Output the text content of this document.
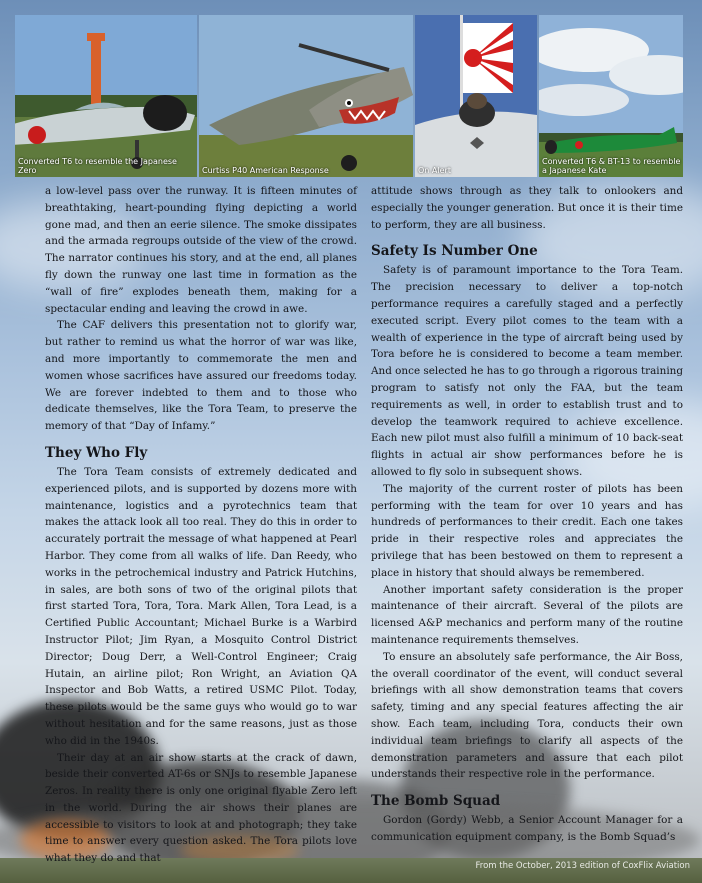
Converted T6 to resemble the Japanese Zero	Curtiss P40 American Response	On Alert
Converted T6 & BT-13 to resemble a Japanese Kate

a low-level pass over the runway. It is fifteen minutes of breathtaking, heart-pounding flying depicting a world gone mad, and then an eerie silence. The smoke dissipates and the armada regroups outside of the view of the crowd. The narrator continues his story, and at the end, all planes fly down the runway one last time in formation as the “wall of fire” explodes beneath them, making for a spectacular ending and leaving the crowd in awe.

The CAF delivers this presentation not to glorify war, but rather to remind us what the horror of war was like, and more importantly to commemorate the men and women whose sacrifices have assured our freedoms today. We are forever indebted to them and to those who dedicate themselves, like the Tora Team, to preserve the memory of that “Day of Infamy.”

They Who Fly

The Tora Team consists of extremely dedicated and experienced pilots, and is supported by dozens more with maintenance, logistics and a pyrotechnics team that makes the attack look all too real. They do this in order to accurately portrait the message of what happened at Pearl Harbor. They come from all walks of life. Dan Reedy, who works in the petrochemical industry and Patrick Hutchins, in sales, are both sons of two of the original pilots that first started Tora, Tora, Tora. Mark Allen, Tora Lead, is a Certified Public Accountant; Michael Burke is a Warbird Instructor Pilot; Jim Ryan, a Mosquito Control District Director; Doug Derr, a Well-Control Engineer; Craig Hutain, an airline pilot; Ron Wright, an Aviation QA Inspector and Bob Watts, a retired USMC Pilot. Today, these pilots would be the same guys who would go to war without hesitation and for the same reasons, just as those who did in the 1940s.

Their day at an air show starts at the crack of dawn, beside their converted AT-6s or SNJs to resemble Japanese Zeros. In reality there is only one original flyable Zero left in the world. During the air shows their planes are accessible to visitors to look at and photograph; they take time to answer every question asked. The Tora pilots love what they do and that

attitude shows through as they talk to onlookers and especially the younger generation. But once it is their time to perform, they are all business.

Safety Is Number One

Safety is of paramount importance to the Tora Team. The precision necessary to deliver a top-notch performance requires a carefully staged and a perfectly executed script. Every pilot comes to the team with a wealth of experience in the type of aircraft being used by Tora before he is considered to become a team member. And once selected he has to go through a rigorous training program to satisfy not only the FAA, but the team requirements as well, in order to establish trust and to develop the teamwork required to achieve excellence. Each new pilot must also fulfill a minimum of 10 back-seat flights in actual air show performances before he is allowed to fly solo in subsequent shows.

The majority of the current roster of pilots has been performing with the team for over 10 years and has hundreds of performances to their credit. Each one takes pride in their respective roles and appreciates the privilege that has been bestowed on them to represent a place in history that should always be remembered.

Another important safety consideration is the proper maintenance of their aircraft. Several of the pilots are licensed A&P mechanics and perform many of the routine maintenance requirements themselves.

To ensure an absolutely safe performance, the Air Boss, the overall coordinator of the event, will conduct several briefings with all show demonstration teams that covers safety, timing and any special features affecting the air show. Each team, including Tora, conducts their own individual team briefings to clarify all aspects of the demonstration parameters and assure that each pilot understands their respective role in the performance.

The Bomb Squad

Gordon (Gordy) Webb, a Senior Account Manager for a communication equipment company, is the Bomb Squad’s

From the October, 2013 edition of CoxFlix Aviation
